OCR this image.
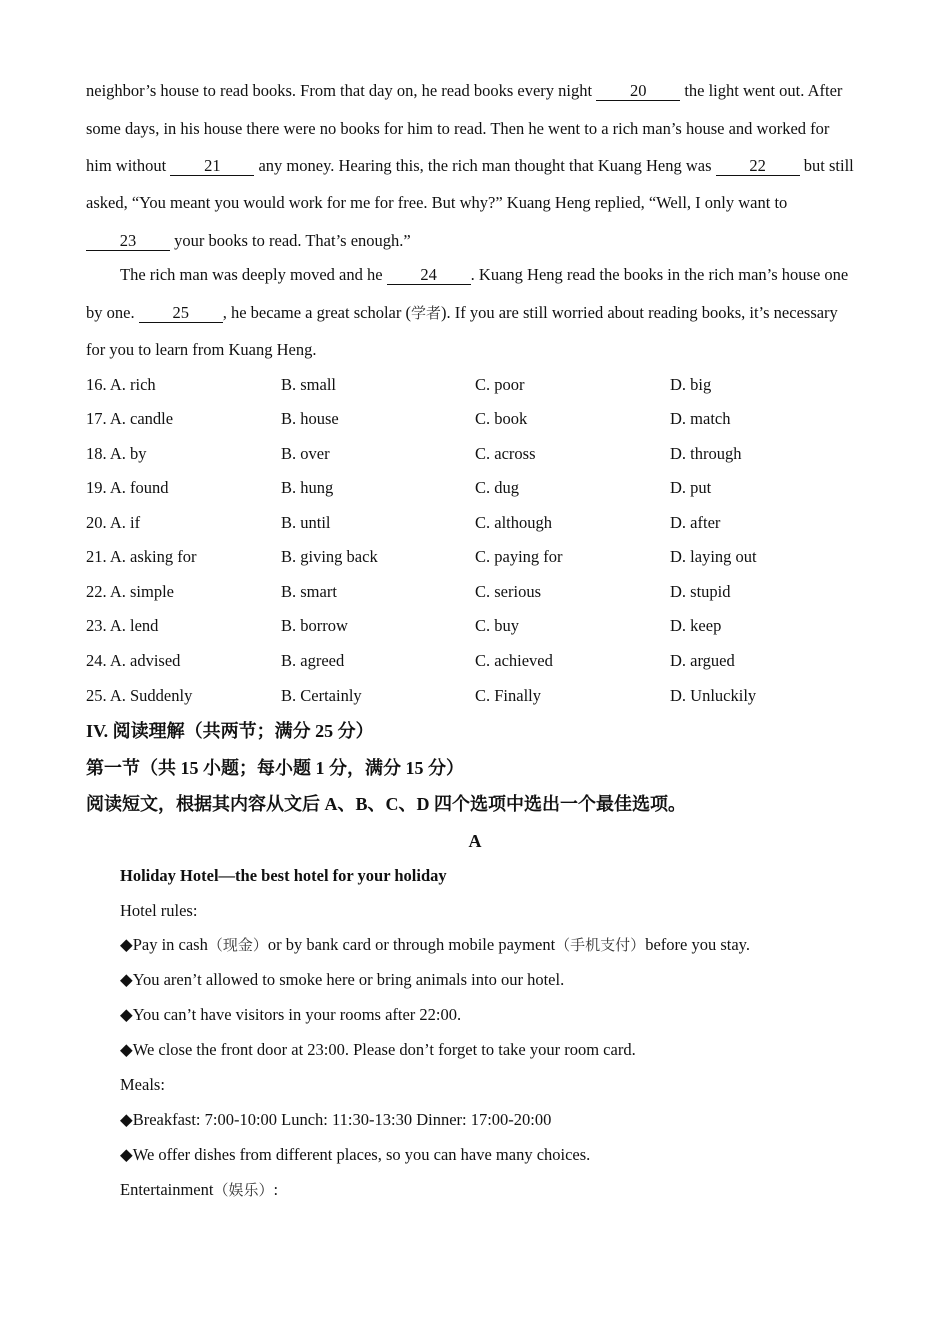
neighbor’s house to read books. From that day on, he read books every night 20 the light went out. After
some days, in his house there were no books for him to read. Then he went to a rich man’s house and worked for
him without 21 any money. Hearing this, the rich man thought that Kuang Heng was 22 but still
asked, “You meant you would work for me for free. But why?” Kuang Heng replied, “Well, I only want to
23 your books to read. That’s enough.”
The rich man was deeply moved and he 24 . Kuang Heng read the books in the rich man’s house one
by one. 25 , he became a great scholar (学者). If you are still worried about reading books, it’s necessary
for you to learn from Kuang Heng.
16. A. rich	B. small	C. poor	D. big
17. A. candle	B. house	C. book	D. match
18. A. by	B. over	C. across	D. through
19. A. found	B. hung	C. dug	D. put
20. A. if	B. until	C. although	D. after
21. A. asking for	B. giving back	C. paying for	D. laying out
22. A. simple	B. smart	C. serious	D. stupid
23. A. lend	B. borrow	C. buy	D. keep
24. A. advised	B. agreed	C. achieved	D. argued
25. A. Suddenly	B. Certainly	C. Finally	D. Unluckily
IV. 阅读理解（共两节；满分 25 分）
第一节（共 15 小题；每小题 1 分，满分 15 分）
阅读短文，根据其内容从文后 A、B、C、D 四个选项中选出一个最佳选项。
A
Holiday Hotel—the best hotel for your holiday
Hotel rules:
◆Pay in cash（现金）or by bank card or through mobile payment（手机支付）before you stay.
◆You aren’t allowed to smoke here or bring animals into our hotel.
◆You can’t have visitors in your rooms after 22:00.
◆We close the front door at 23:00. Please don’t forget to take your room card.
Meals:
◆Breakfast: 7:00-10:00 Lunch: 11:30-13:30 Dinner: 17:00-20:00
◆We offer dishes from different places, so you can have many choices.
Entertainment（娱乐）:
